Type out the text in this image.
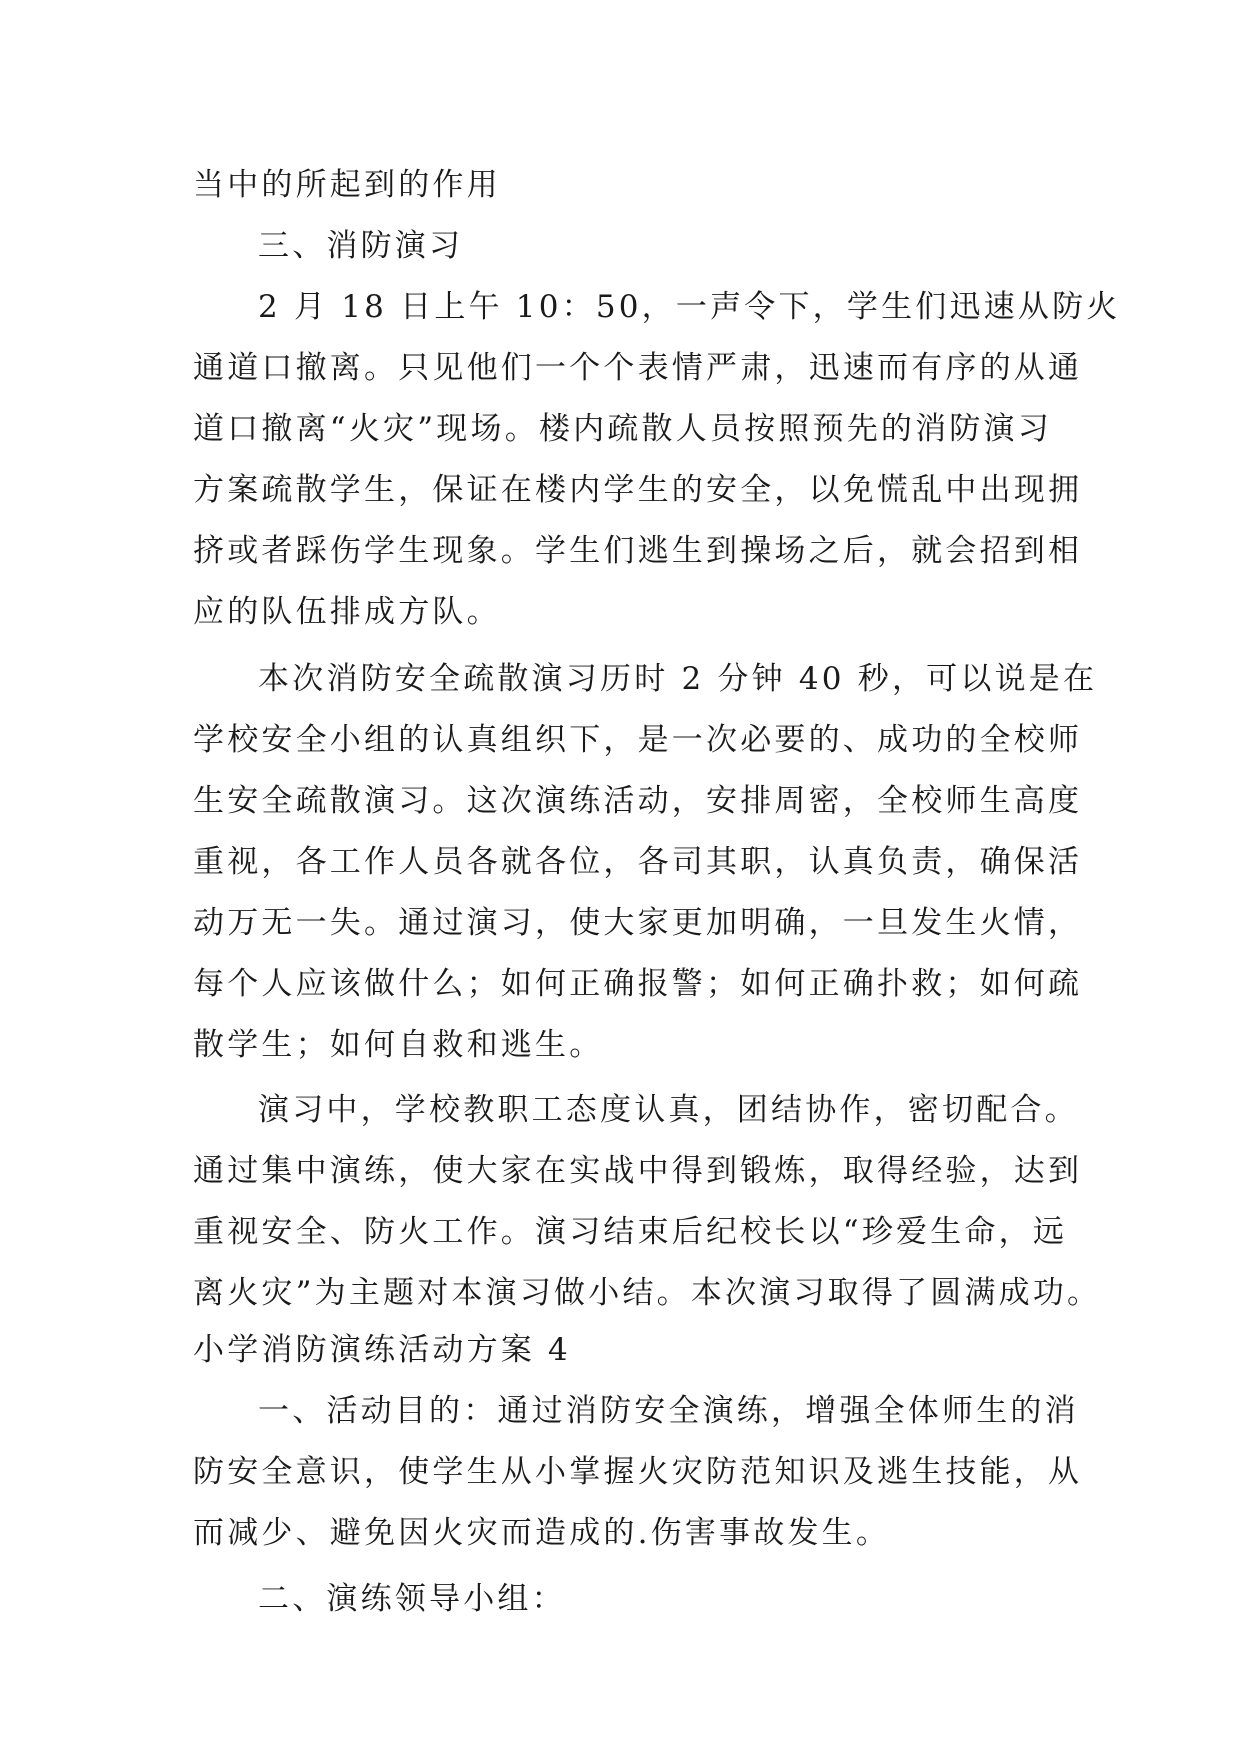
当中的所起到的作用
三、消防演习
2 月 18 日上午 10：50，一声令下，学生们迅速从防火
通道口撤离。只见他们一个个表情严肃，迅速而有序的从通
道口撤离“火灾”现场。楼内疏散人员按照预先的消防演习
方案疏散学生，保证在楼内学生的安全，以免慌乱中出现拥
挤或者踩伤学生现象。学生们逃生到操场之后，就会招到相
应的队伍排成方队。
本次消防安全疏散演习历时 2 分钟 40 秒，可以说是在
学校安全小组的认真组织下，是一次必要的、成功的全校师
生安全疏散演习。这次演练活动，安排周密，全校师生高度
重视，各工作人员各就各位，各司其职，认真负责，确保活
动万无一失。通过演习，使大家更加明确，一旦发生火情，
每个人应该做什么；如何正确报警；如何正确扑救；如何疏
散学生；如何自救和逃生。
演习中，学校教职工态度认真，团结协作，密切配合。
通过集中演练，使大家在实战中得到锻炼，取得经验，达到
重视安全、防火工作。演习结束后纪校长以“珍爱生命，远
离火灾”为主题对本演习做小结。本次演习取得了圆满成功。
小学消防演练活动方案 4
一、活动目的：通过消防安全演练，增强全体师生的消
防安全意识，使学生从小掌握火灾防范知识及逃生技能，从
而减少、避免因火灾而造成的.伤害事故发生。
二、演练领导小组：
